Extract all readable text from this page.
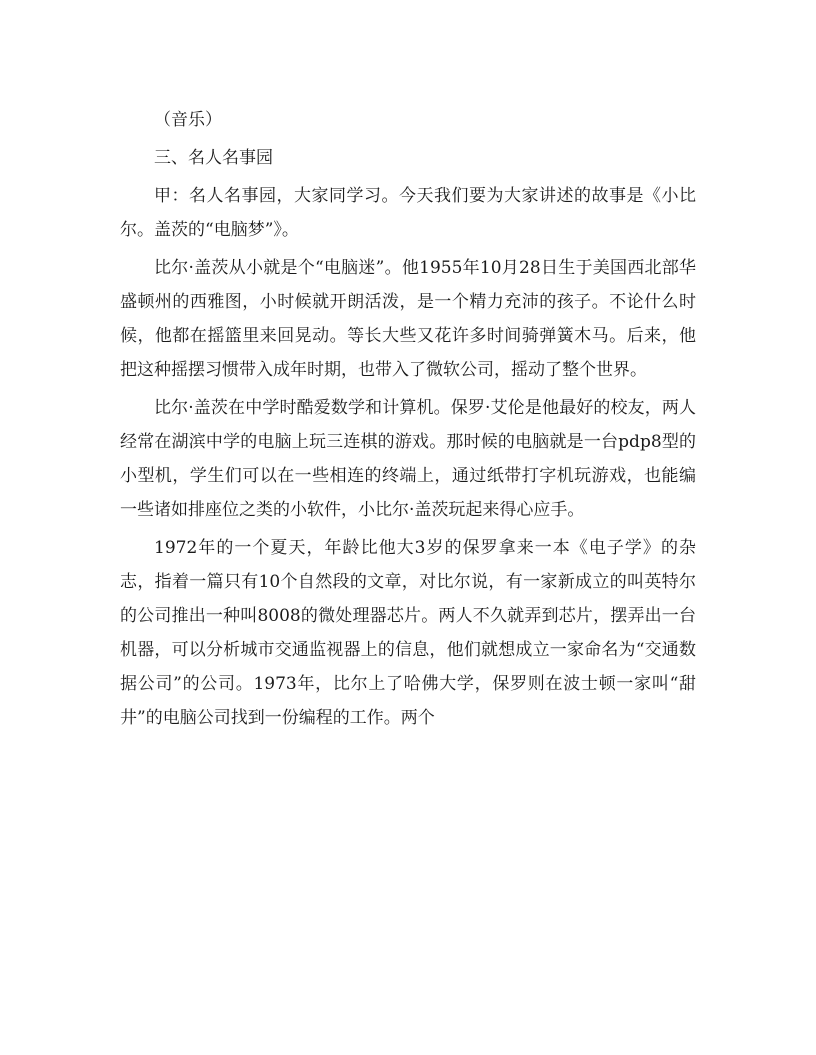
（音乐）

三、名人名事园

甲：名人名事园，大家同学习。今天我们要为大家讲述的故事是《小比尔。盖茨的“电脑梦”》。

比尔·盖茨从小就是个“电脑迷”。他1955年10月28日生于美国西北部华盛顿州的西雅图，小时候就开朗活泼，是一个精力充沛的孩子。不论什么时候，他都在摇篮里来回晃动。等长大些又花许多时间骑弹簧木马。后来，他把这种摇摆习惯带入成年时期，也带入了微软公司，摇动了整个世界。

比尔·盖茨在中学时酷爱数学和计算机。保罗·艾伦是他最好的校友，两人经常在湖滨中学的电脑上玩三连棋的游戏。那时候的电脑就是一台pdp8型的小型机，学生们可以在一些相连的终端上，通过纸带打字机玩游戏，也能编一些诸如排座位之类的小软件，小比尔·盖茨玩起来得心应手。

1972年的一个夏天，年龄比他大3岁的保罗拿来一本《电子学》的杂志，指着一篇只有10个自然段的文章，对比尔说，有一家新成立的叫英特尔的公司推出一种叫8008的微处理器芯片。两人不久就弄到芯片，摆弄出一台机器，可以分析城市交通监视器上的信息，他们就想成立一家命名为“交通数据公司”的公司。1973年，比尔上了哈佛大学，保罗则在波士顿一家叫“甜井”的电脑公司找到一份编程的工作。两个
